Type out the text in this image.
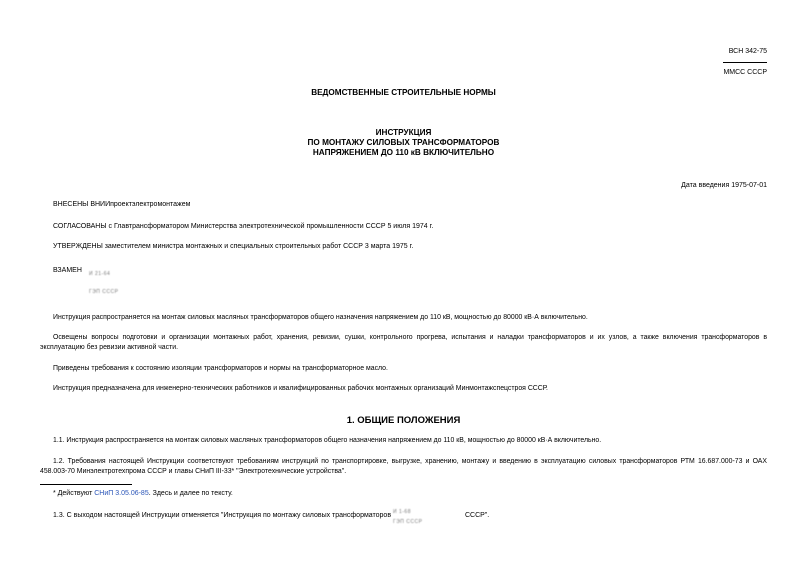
ВСН 342-75
ММСС СССР
ВЕДОМСТВЕННЫЕ СТРОИТЕЛЬНЫЕ НОРМЫ
ИНСТРУКЦИЯ
ПО МОНТАЖУ СИЛОВЫХ ТРАНСФОРМАТОРОВ
НАПРЯЖЕНИЕМ ДО 110 кВ ВКЛЮЧИТЕЛЬНО
Дата введения 1975-07-01
ВНЕСЕНЫ ВНИИпроектэлектромонтажем
СОГЛАСОВАНЫ с Главтрансформатором Министерства электротехнической промышленности СССР 5 июля 1974 г.
УТВЕРЖДЕНЫ заместителем министра монтажных и специальных строительных работ СССР 3 марта 1975 г.
ВЗАМЕН И 21-64
ГЭП СССР
Инструкция распространяется на монтаж силовых масляных трансформаторов общего назначения напряжением до 110 кВ, мощностью до 80000 кВ·А включительно.
Освещены вопросы подготовки и организации монтажных работ, хранения, ревизии, сушки, контрольного прогрева, испытания и наладки трансформаторов и их узлов, а также включения трансформаторов в эксплуатацию без ревизии активной части.
Приведены требования к состоянию изоляции трансформаторов и нормы на трансформаторное масло.
Инструкция предназначена для инженерно-технических работников и квалифицированных рабочих монтажных организаций Минмонтажспецстроя СССР.
1. ОБЩИЕ ПОЛОЖЕНИЯ
1.1. Инструкция распространяется на монтаж силовых масляных трансформаторов общего назначения напряжением до 110 кВ, мощностью до 80000 кВ·А включительно.
1.2. Требования настоящей Инструкции соответствуют требованиям инструкций по транспортировке, выгрузке, хранению, монтажу и введению в эксплуатацию силовых трансформаторов РТМ 16.687.000-73 и ОАХ 458.003-70 Минэлектротехпрома СССР и главы СНиП III-33* "Электротехнические устройства".
* Действуют СНиП 3.05.06-85. Здесь и далее по тексту.
1.3. С выходом настоящей Инструкции отменяется "Инструкция по монтажу силовых трансформаторов И 1-68
ГЭП СССР СССР".
